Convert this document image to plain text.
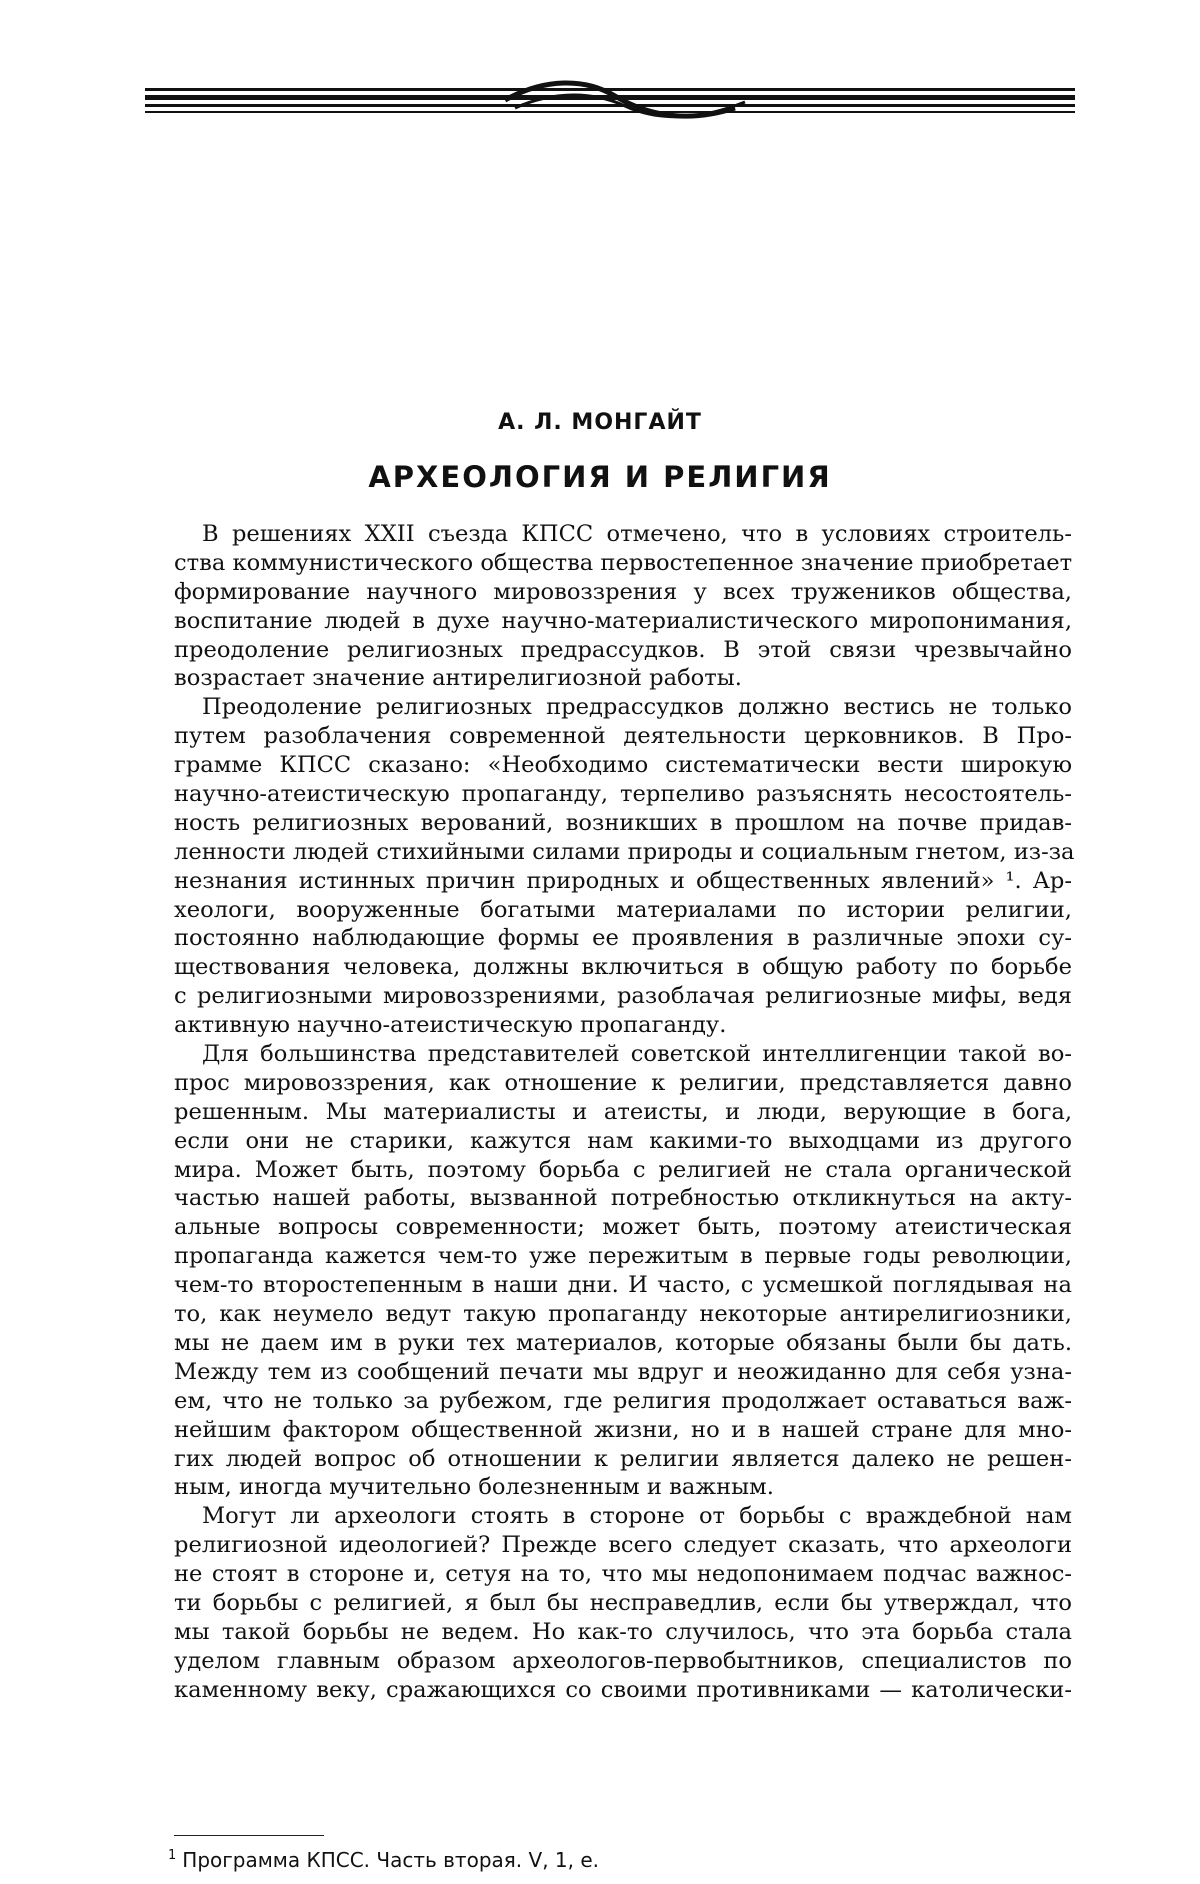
А. Л. МОНГАЙТ
АРХЕОЛОГИЯ И РЕЛИГИЯ
В решениях XXII съезда КПСС отмечено, что в условиях строитель-
ства коммунистического общества первостепенное значение приобретает
формирование научного мировоззрения у всех тружеников общества,
воспитание людей в духе научно-материалистического миропонимания,
преодоление религиозных предрассудков. В этой связи чрезвычайно
возрастает значение антирелигиозной работы.
Преодоление религиозных предрассудков должно вестись не только
путем разоблачения современной деятельности церковников. В Про-
грамме КПСС сказано: «Необходимо систематически вести широкую
научно-атеистическую пропаганду, терпеливо разъяснять несостоятель-
ность религиозных верований, возникших в прошлом на почве придав-
ленности людей стихийными силами природы и социальным гнетом, из-за
незнания истинных причин природных и общественных явлений» ¹. Ар-
хеологи, вооруженные богатыми материалами по истории религии,
постоянно наблюдающие формы ее проявления в различные эпохи су-
ществования человека, должны включиться в общую работу по борьбе
с религиозными мировоззрениями, разоблачая религиозные мифы, ведя
активную научно-атеистическую пропаганду.
Для большинства представителей советской интеллигенции такой во-
прос мировоззрения, как отношение к религии, представляется давно
решенным. Мы материалисты и атеисты, и люди, верующие в бога,
если они не старики, кажутся нам какими-то выходцами из другого
мира. Может быть, поэтому борьба с религией не стала органической
частью нашей работы, вызванной потребностью откликнуться на акту-
альные вопросы современности; может быть, поэтому атеистическая
пропаганда кажется чем-то уже пережитым в первые годы революции,
чем-то второстепенным в наши дни. И часто, с усмешкой поглядывая на
то, как неумело ведут такую пропаганду некоторые антирелигиозники,
мы не даем им в руки тех материалов, которые обязаны были бы дать.
Между тем из сообщений печати мы вдруг и неожиданно для себя узна-
ем, что не только за рубежом, где религия продолжает оставаться важ-
нейшим фактором общественной жизни, но и в нашей стране для мно-
гих людей вопрос об отношении к религии является далеко не решен-
ным, иногда мучительно болезненным и важным.
Могут ли археологи стоять в стороне от борьбы с враждебной нам
религиозной идеологией? Прежде всего следует сказать, что археологи
не стоят в стороне и, сетуя на то, что мы недопонимаем подчас важнос-
ти борьбы с религией, я был бы несправедлив, если бы утверждал, что
мы такой борьбы не ведем. Но как-то случилось, что эта борьба стала
уделом главным образом археологов-первобытников, специалистов по
каменному веку, сражающихся со своими противниками — католически-
$^1$ Программа КПСС. Часть вторая. V, 1, е.
